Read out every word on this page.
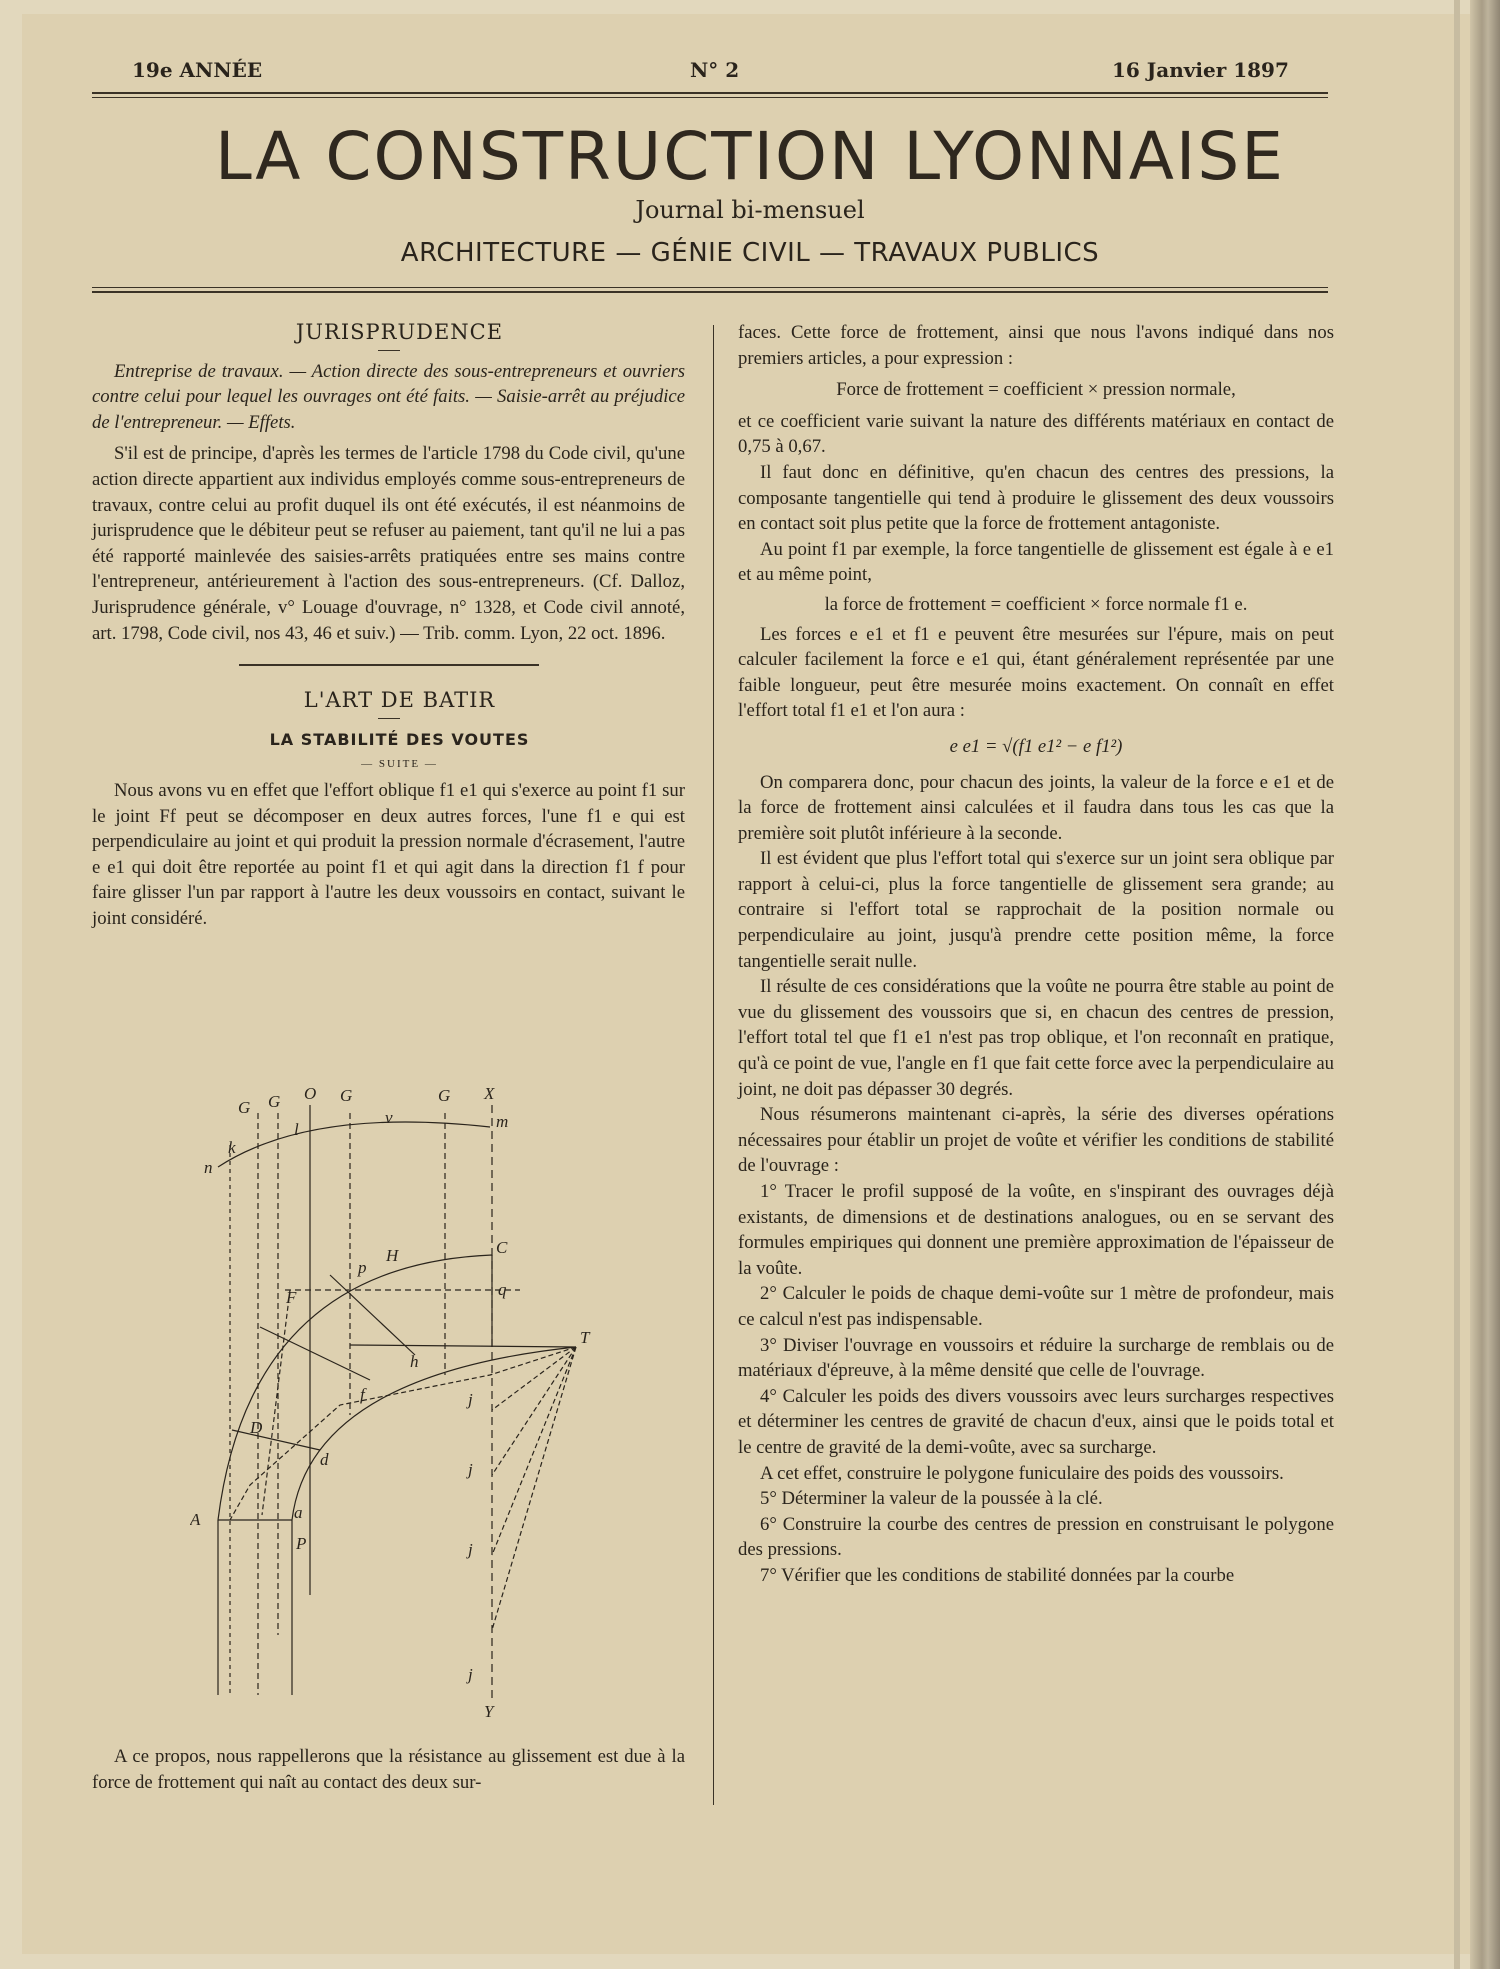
19e ANNÉE	N° 2	16 Janvier 1897
LA CONSTRUCTION LYONNAISE
Journal bi-mensuel
ARCHITECTURE — GÉNIE CIVIL — TRAVAUX PUBLICS

JURISPRUDENCE

Entreprise de travaux. — Action directe des sous-entrepreneurs et ouvriers contre celui pour lequel les ouvrages ont été faits. — Saisie-arrêt au préjudice de l'entrepreneur. — Effets.

S'il est de principe, d'après les termes de l'article 1798 du Code civil, qu'une action directe appartient aux individus employés comme sous-entrepreneurs de travaux, contre celui au profit duquel ils ont été exécutés, il est néanmoins de jurisprudence que le débiteur peut se refuser au paiement, tant qu'il ne lui a pas été rapporté mainlevée des saisies-arrêts pratiquées entre ses mains contre l'entrepreneur, antérieurement à l'action des sous-entrepreneurs. (Cf. Dalloz, Jurisprudence générale, v° Louage d'ouvrage, n° 1328, et Code civil annoté, art. 1798, Code civil, nos 43, 46 et suiv.) — Trib. comm. Lyon, 22 oct. 1896.

L'ART DE BATIR

LA STABILITÉ DES VOUTES

— SUITE —

Nous avons vu en effet que l'effort oblique f1 e1 qui s'exerce au point f1 sur le joint Ff peut se décomposer en deux autres forces, l'une f1 e qui est perpendiculaire au joint et qui produit la pression normale d'écrasement, l'autre e e1 qui doit être reportée au point f1 et qui agit dans la direction f1 f pour faire glisser l'un par rapport à l'autre les deux voussoirs en contact, suivant le joint considéré.

G G O G	G X
k
l
v	m
n
C
H
p
q
F
T
h
D
d
f
A	a
P
Y
j
j
j
j

A ce propos, nous rappellerons que la résistance au glissement est due à la force de frottement qui naît au contact des deux sur-

faces. Cette force de frottement, ainsi que nous l'avons indiqué dans nos premiers articles, a pour expression :

Force de frottement = coefficient × pression normale,

et ce coefficient varie suivant la nature des différents matériaux en contact de 0,75 à 0,67.

Il faut donc en définitive, qu'en chacun des centres des pressions, la composante tangentielle qui tend à produire le glissement des deux voussoirs en contact soit plus petite que la force de frottement antagoniste.

Au point f1 par exemple, la force tangentielle de glissement est égale à e e1 et au même point,

la force de frottement = coefficient × force normale f1 e.

Les forces e e1 et f1 e peuvent être mesurées sur l'épure, mais on peut calculer facilement la force e e1 qui, étant généralement représentée par une faible longueur, peut être mesurée moins exactement. On connaît en effet l'effort total f1 e1 et l'on aura :

e e1 = √(f1 e1² − e f1²)

On comparera donc, pour chacun des joints, la valeur de la force e e1 et de la force de frottement ainsi calculées et il faudra dans tous les cas que la première soit plutôt inférieure à la seconde.

Il est évident que plus l'effort total qui s'exerce sur un joint sera oblique par rapport à celui-ci, plus la force tangentielle de glissement sera grande; au contraire si l'effort total se rapprochait de la position normale ou perpendiculaire au joint, jusqu'à prendre cette position même, la force tangentielle serait nulle.

Il résulte de ces considérations que la voûte ne pourra être stable au point de vue du glissement des voussoirs que si, en chacun des centres de pression, l'effort total tel que f1 e1 n'est pas trop oblique, et l'on reconnaît en pratique, qu'à ce point de vue, l'angle en f1 que fait cette force avec la perpendiculaire au joint, ne doit pas dépasser 30 degrés.

Nous résumerons maintenant ci-après, la série des diverses opérations nécessaires pour établir un projet de voûte et vérifier les conditions de stabilité de l'ouvrage :

1° Tracer le profil supposé de la voûte, en s'inspirant des ouvrages déjà existants, de dimensions et de destinations analogues, ou en se servant des formules empiriques qui donnent une première approximation de l'épaisseur de la voûte.

2° Calculer le poids de chaque demi-voûte sur 1 mètre de profondeur, mais ce calcul n'est pas indispensable.

3° Diviser l'ouvrage en voussoirs et réduire la surcharge de remblais ou de matériaux d'épreuve, à la même densité que celle de l'ouvrage.

4° Calculer les poids des divers voussoirs avec leurs surcharges respectives et déterminer les centres de gravité de chacun d'eux, ainsi que le poids total et le centre de gravité de la demi-voûte, avec sa surcharge.

A cet effet, construire le polygone funiculaire des poids des voussoirs.

5° Déterminer la valeur de la poussée à la clé.

6° Construire la courbe des centres de pression en construisant le polygone des pressions.

7° Vérifier que les conditions de stabilité données par la courbe
